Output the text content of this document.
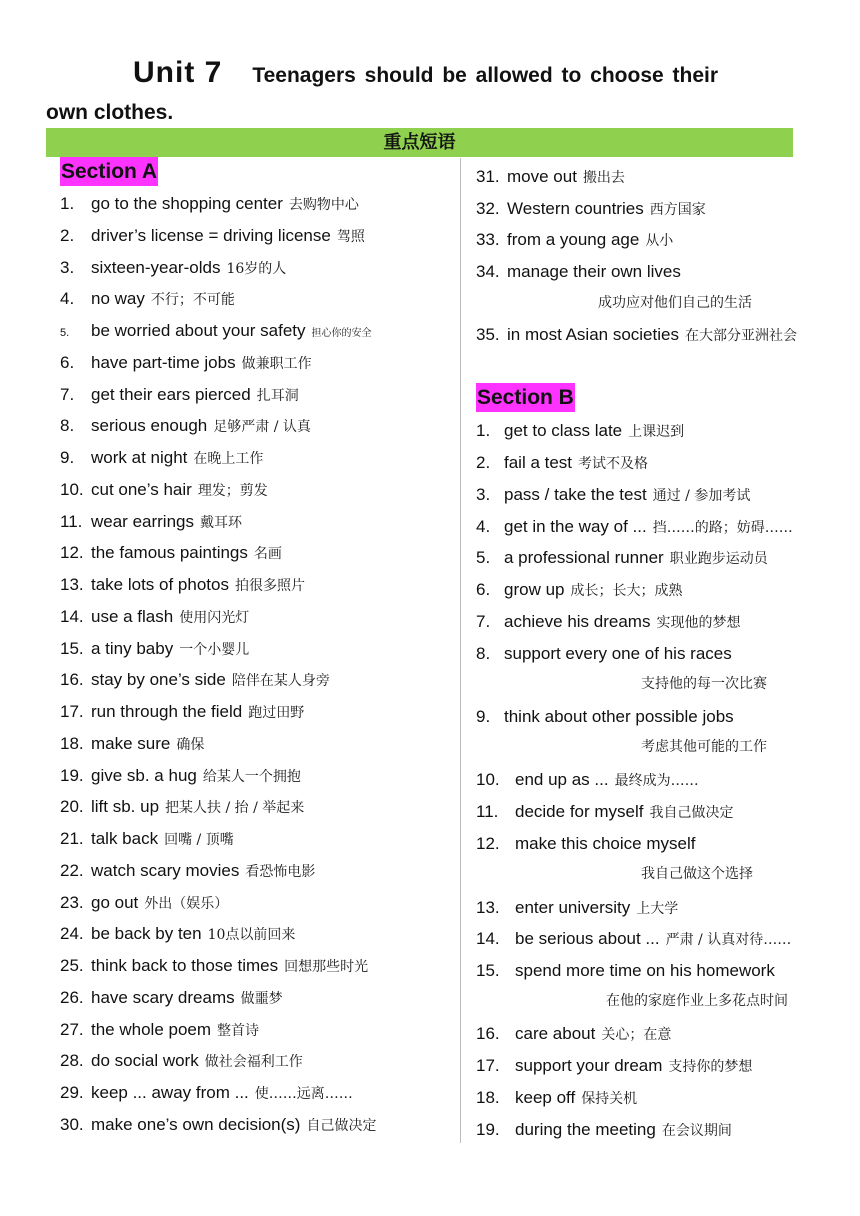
Unit 7 Teenagers should be allowed to choose their
own clothes.
重点短语
Section A
Section B
1. go to the shopping center 去购物中心
2. driver’s license = driving license 驾照
3. sixteen-year-olds 16岁的人
4. no way 不行；不可能
5. be worried about your safety 担心你的安全
6. have part-time jobs 做兼职工作
7. get their ears pierced 扎耳洞
8. serious enough 足够严肃 / 认真
9. work at night 在晚上工作
10. cut one’s hair 理发；剪发
11. wear earrings 戴耳环
12. the famous paintings 名画
13. take lots of photos 拍很多照片
14. use a flash 使用闪光灯
15. a tiny baby 一个小婴儿
16. stay by one’s side 陪伴在某人身旁
17. run through the field 跑过田野
18. make sure 确保
19. give sb. a hug 给某人一个拥抱
20. lift sb. up 把某人扶 / 抬 / 举起来
21. talk back 回嘴 / 顶嘴
22. watch scary movies 看恐怖电影
23. go out 外出（娱乐）
24. be back by ten 10点以前回来
25. think back to those times 回想那些时光
26. have scary dreams 做噩梦
27. the whole poem 整首诗
28. do social work 做社会福利工作
29. keep ... away from ... 使……远离……
30. make one’s own decision(s) 自己做决定
31. move out 搬出去
32. Western countries 西方国家
33. from a young age 从小
34. manage their own lives
成功应对他们自己的生活
35. in most Asian societies 在大部分亚洲社会
1. get to class late 上课迟到
2. fail a test 考试不及格
3. pass / take the test 通过 / 参加考试
4. get in the way of ... 挡……的路；妨碍……
5. a professional runner 职业跑步运动员
6. grow up 成长；长大；成熟
7. achieve his dreams 实现他的梦想
8. support every one of his races
支持他的每一次比赛
9. think about other possible jobs
考虑其他可能的工作
10. end up as ... 最终成为……
11. decide for myself 我自己做决定
12. make this choice myself
我自己做这个选择
13. enter university 上大学
14. be serious about ... 严肃 / 认真对待……
15. spend more time on his homework
在他的家庭作业上多花点时间
16. care about 关心；在意
17. support your dream 支持你的梦想
18. keep off 保持关机
19. during the meeting 在会议期间
